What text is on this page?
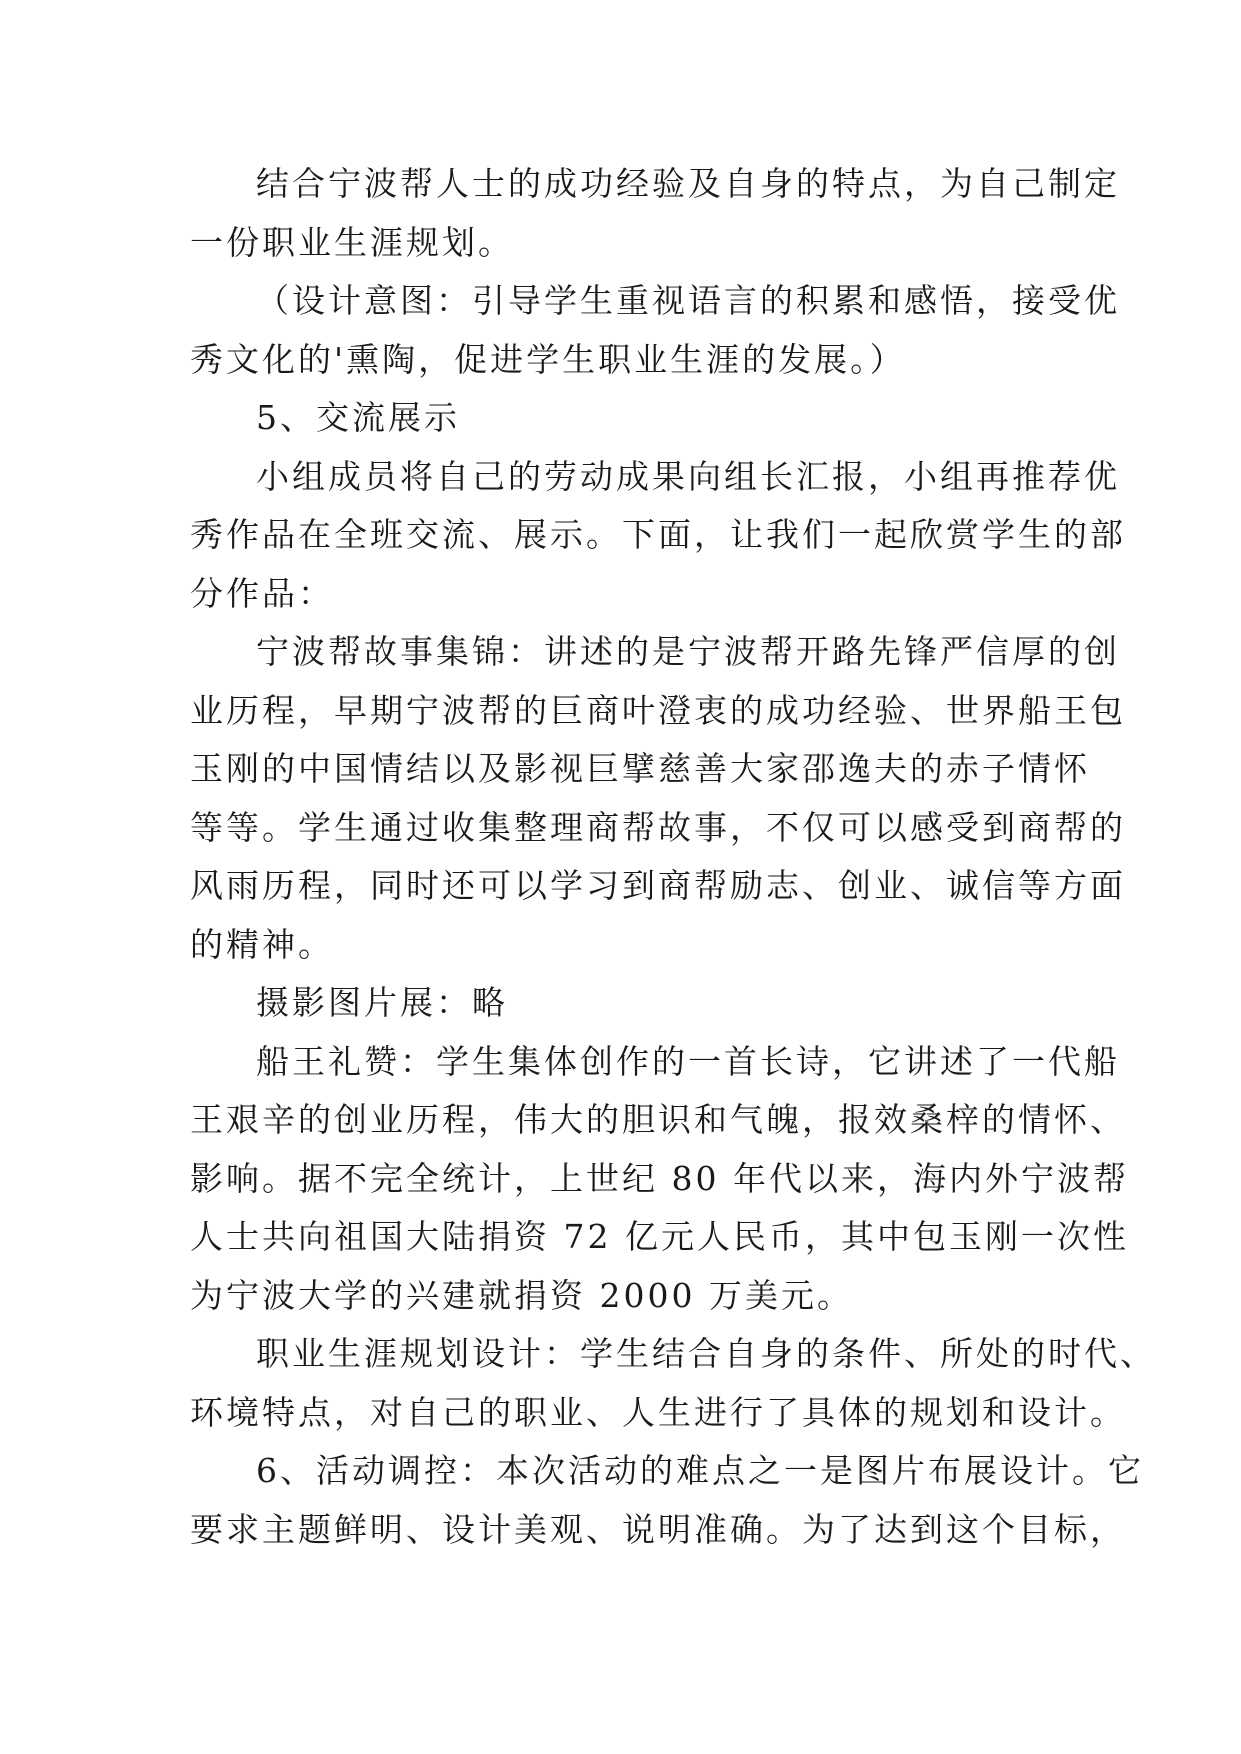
结合宁波帮人士的成功经验及自身的特点，为自己制定
一份职业生涯规划。
（设计意图：引导学生重视语言的积累和感悟，接受优
秀文化的'熏陶，促进学生职业生涯的发展。）
5、交流展示
小组成员将自己的劳动成果向组长汇报，小组再推荐优
秀作品在全班交流、展示。下面，让我们一起欣赏学生的部
分作品：
宁波帮故事集锦：讲述的是宁波帮开路先锋严信厚的创
业历程，早期宁波帮的巨商叶澄衷的成功经验、世界船王包
玉刚的中国情结以及影视巨擘慈善大家邵逸夫的赤子情怀
等等。学生通过收集整理商帮故事，不仅可以感受到商帮的
风雨历程，同时还可以学习到商帮励志、创业、诚信等方面
的精神。
摄影图片展：略
船王礼赞：学生集体创作的一首长诗，它讲述了一代船
王艰辛的创业历程，伟大的胆识和气魄，报效桑梓的情怀、
影响。据不完全统计，上世纪 80 年代以来，海内外宁波帮
人士共向祖国大陆捐资 72 亿元人民币，其中包玉刚一次性
为宁波大学的兴建就捐资 2000 万美元。
职业生涯规划设计：学生结合自身的条件、所处的时代、
环境特点，对自己的职业、人生进行了具体的规划和设计。
6、活动调控：本次活动的难点之一是图片布展设计。它
要求主题鲜明、设计美观、说明准确。为了达到这个目标，
